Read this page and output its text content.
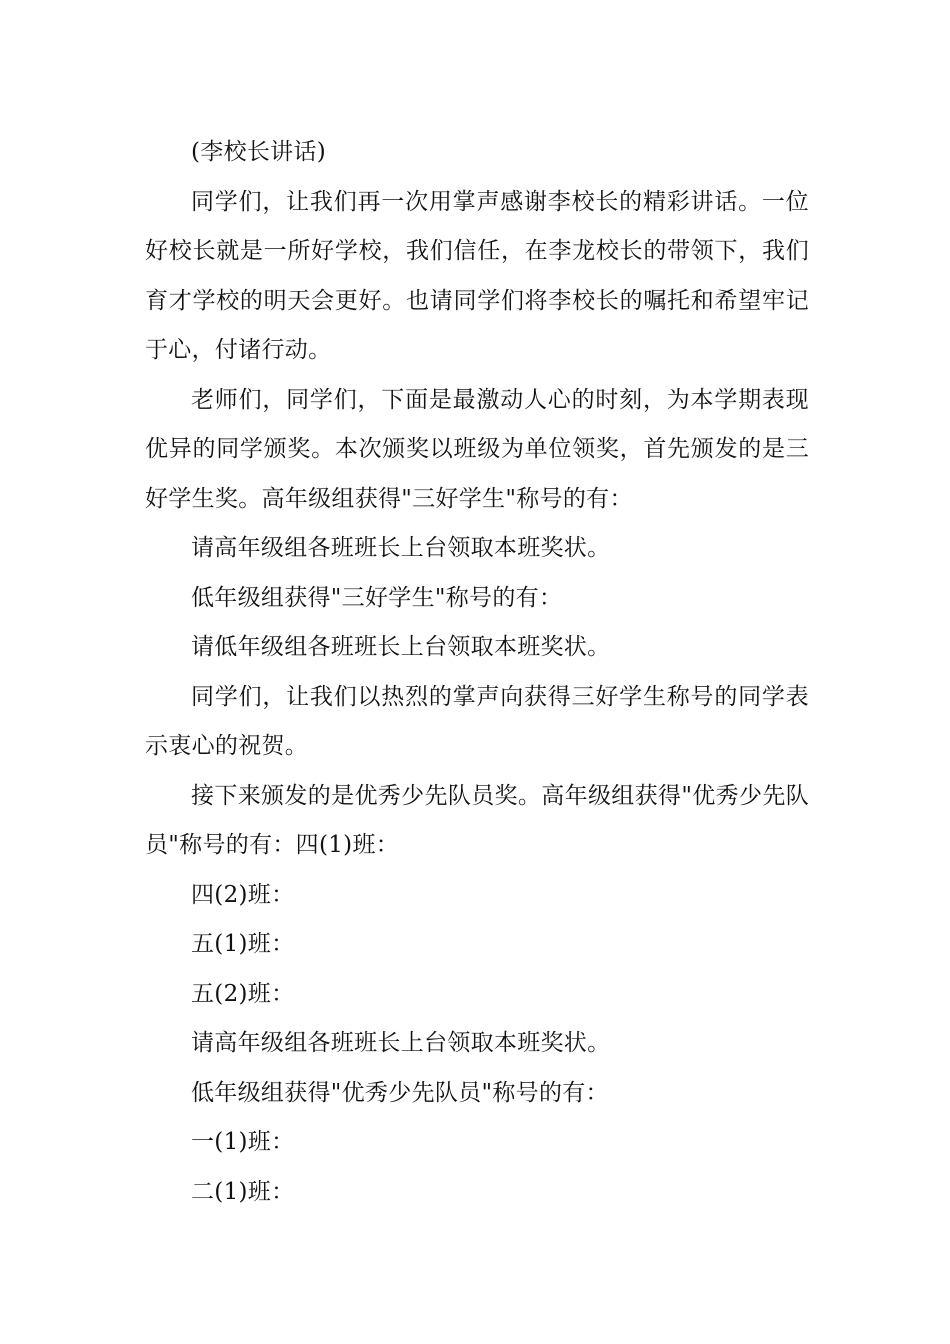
(李校长讲话)

同学们，让我们再一次用掌声感谢李校长的精彩讲话。一位好校长就是一所好学校，我们信任，在李龙校长的带领下，我们育才学校的明天会更好。也请同学们将李校长的嘱托和希望牢记于心，付诸行动。

老师们，同学们，下面是最激动人心的时刻，为本学期表现优异的同学颁奖。本次颁奖以班级为单位领奖，首先颁发的是三好学生奖。高年级组获得"三好学生"称号的有：

请高年级组各班班长上台领取本班奖状。

低年级组获得"三好学生"称号的有：

请低年级组各班班长上台领取本班奖状。

同学们，让我们以热烈的掌声向获得三好学生称号的同学表示衷心的祝贺。

接下来颁发的是优秀少先队员奖。高年级组获得"优秀少先队员"称号的有：四(1)班：

四(2)班：

五(1)班：

五(2)班：

请高年级组各班班长上台领取本班奖状。

低年级组获得"优秀少先队员"称号的有：

一(1)班：

二(1)班：
